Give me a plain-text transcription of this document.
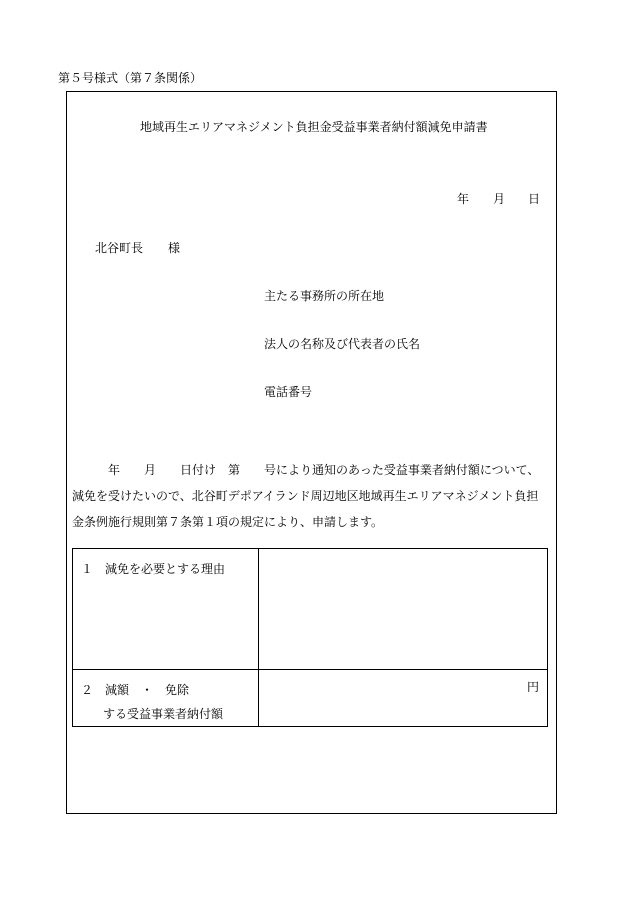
第５号様式（第７条関係）
地域再生エリアマネジメント負担金受益事業者納付額減免申請書
年 月 日
北谷町長 様
主たる事務所の所在地
法人の名称及び代表者の氏名
電話番号
年　　月　　日付け　第　　号により通知のあった受益事業者納付額について、
減免を受けたいので、北谷町デポアイランド周辺地区地域再生エリアマネジメント負担
金条例施行規則第７条第１項の規定により、申請します。
１　 減免を必要とする理由	

２　 減額　・　免除
する受益事業者納付額	円
